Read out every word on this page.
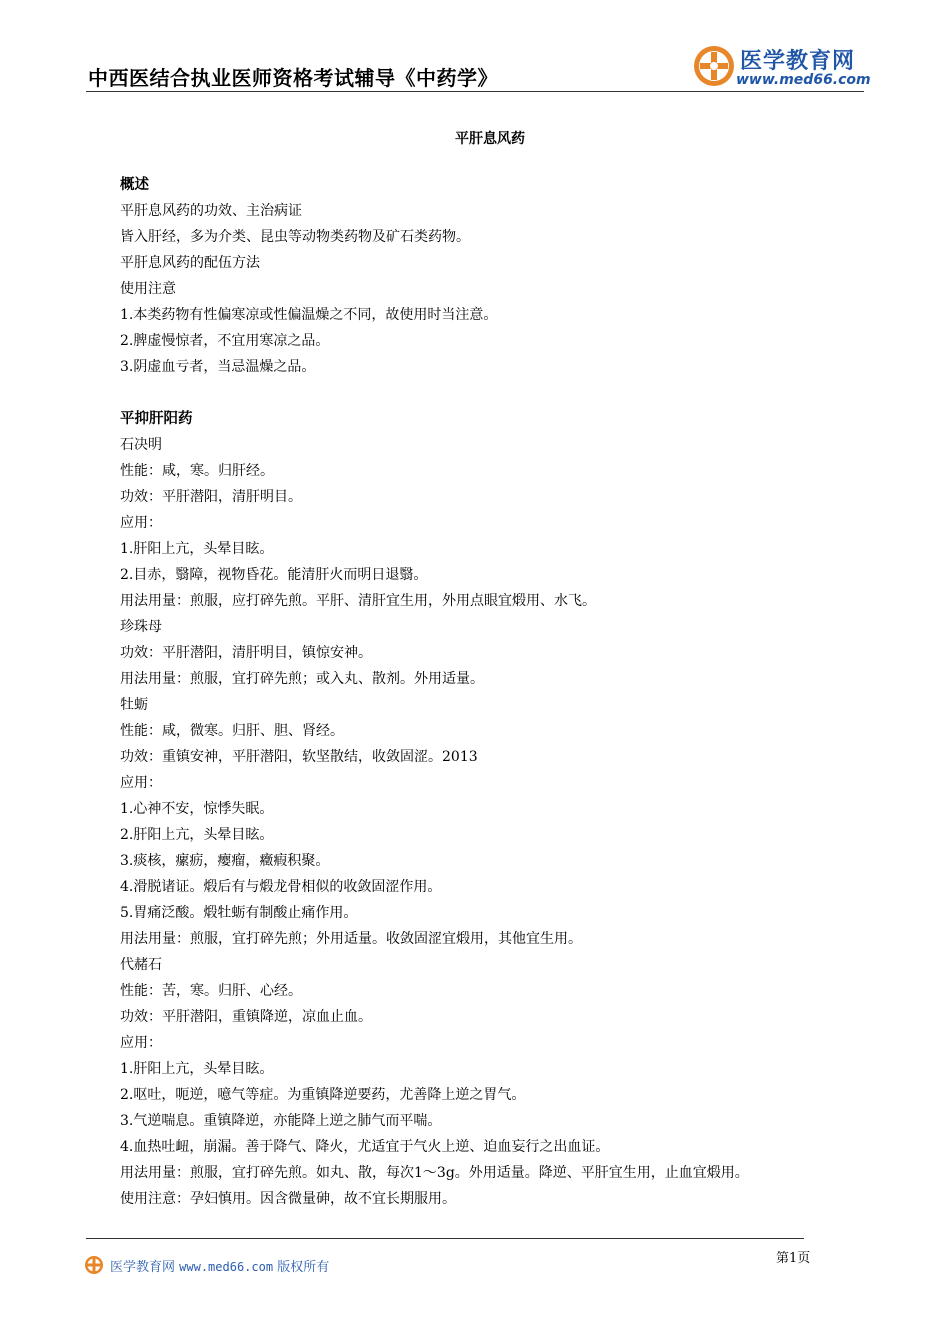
中西医结合执业医师资格考试辅导《中药学》
医学教育网
www.med66.com
平肝息风药
概述
平肝息风药的功效、主治病证
皆入肝经，多为介类、昆虫等动物类药物及矿石类药物。
平肝息风药的配伍方法
使用注意
1.本类药物有性偏寒凉或性偏温燥之不同，故使用时当注意。
2.脾虚慢惊者，不宜用寒凉之品。
3.阴虚血亏者，当忌温燥之品。
平抑肝阳药
石决明
性能：咸，寒。归肝经。
功效：平肝潜阳，清肝明目。
应用：
1.肝阳上亢，头晕目眩。
2.目赤，翳障，视物昏花。能清肝火而明日退翳。
用法用量：煎服，应打碎先煎。平肝、清肝宜生用，外用点眼宜煅用、水飞。
珍珠母
功效：平肝潜阳，清肝明目，镇惊安神。
用法用量：煎服，宜打碎先煎；或入丸、散剂。外用适量。
牡蛎
性能：咸，微寒。归肝、胆、肾经。
功效：重镇安神，平肝潜阳，软坚散结，收敛固涩。2013
应用：
1.心神不安，惊悸失眠。
2.肝阳上亢，头晕目眩。
3.痰核，瘰疬，瘿瘤，癥瘕积聚。
4.滑脱诸证。煅后有与煅龙骨相似的收敛固涩作用。
5.胃痛泛酸。煅牡蛎有制酸止痛作用。
用法用量：煎服，宜打碎先煎；外用适量。收敛固涩宜煅用，其他宜生用。
代赭石
性能：苦，寒。归肝、心经。
功效：平肝潜阳，重镇降逆，凉血止血。
应用：
1.肝阳上亢，头晕目眩。
2.呕吐，呃逆，噫气等症。为重镇降逆要药，尤善降上逆之胃气。
3.气逆喘息。重镇降逆，亦能降上逆之肺气而平喘。
4.血热吐衄，崩漏。善于降气、降火，尤适宜于气火上逆、迫血妄行之出血证。
用法用量：煎服，宜打碎先煎。如丸、散，每次1～3g。外用适量。降逆、平肝宜生用，止血宜煅用。
使用注意：孕妇慎用。因含微量砷，故不宜长期服用。
医学教育网 www.med66.com 版权所有
第1页
